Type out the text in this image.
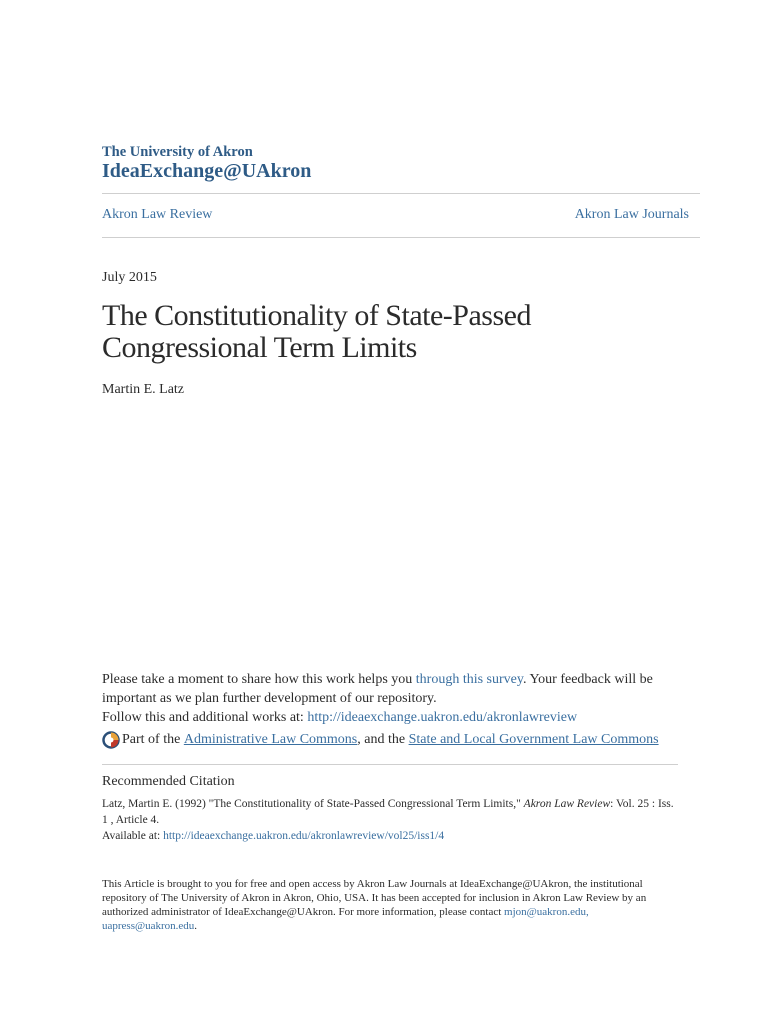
The University of Akron
IdeaExchange@UAkron
Akron Law Review	Akron Law Journals
July 2015
The Constitutionality of State-Passed Congressional Term Limits
Martin E. Latz
Please take a moment to share how this work helps you through this survey. Your feedback will be important as we plan further development of our repository.
Follow this and additional works at: http://ideaexchange.uakron.edu/akronlawreview
Part of the
Administrative Law Commons , and the
State and Local Government Law Commons
Recommended Citation
Latz, Martin E. (1992) "The Constitutionality of State-Passed Congressional Term Limits," Akron Law Review: Vol. 25 : Iss. 1 , Article 4.
Available at: http://ideaexchange.uakron.edu/akronlawreview/vol25/iss1/4
This Article is brought to you for free and open access by Akron Law Journals at IdeaExchange@UAkron, the institutional repository of The University of Akron in Akron, Ohio, USA. It has been accepted for inclusion in Akron Law Review by an authorized administrator of IdeaExchange@UAkron. For more information, please contact mjon@uakron.edu, uapress@uakron.edu.
